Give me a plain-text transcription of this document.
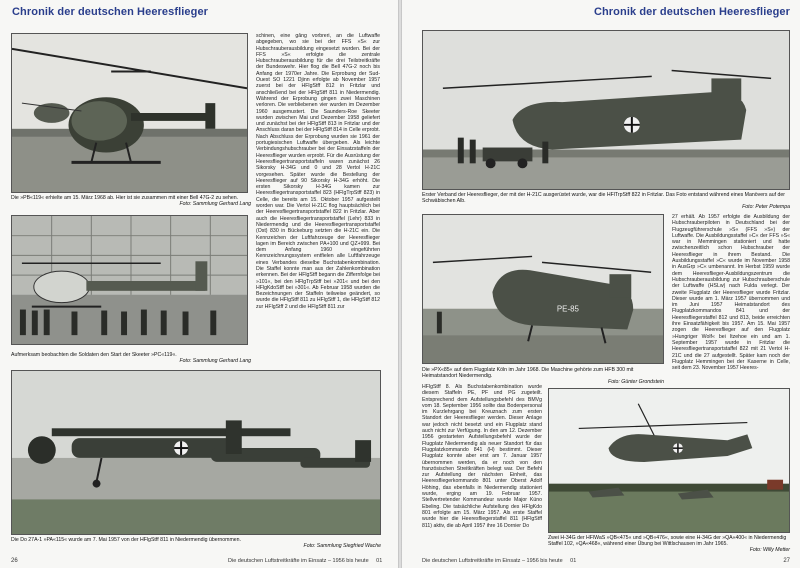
Chronik der deutschen Heeresflieger
Die »PB«119« erhielte am 15. März 1968 ab. Hier ist sie zusammen mit einer Bell 47G-2 zu sehen.
Foto: Sammlung Gerhard Lang
Aufmerksam beobachten die Soldaten den Start der Skeeter »PC«119«.
Foto: Sammlung Gerhard Lang
schinen, eine gång vorbreri, an die Luftwaffe abgegeben, wo sie bei der FFS »S« zur Hubschrauberausbildung eingesetzt wurden. Bei der FFS »S« erfolgte die zentrale Hubschrauberausbildung für die drei Teilstreitkräfte der Bundeswehr. Hier flog die Bell 47G-2 noch bis Anfang der 1970er Jahre. Die Erprobung der Sud-Ouest SO 1221 Djinn erfolgte ab November 1957 zuerst bei der HFlgStff 812 in Fritzlar und anschließend bei der HFlgStff 811 in Niedermendig. Während der Erprobung gingen zwei Maschinen verloren. Die verbliebenen vier wurden im Dezember 1960 ausgemustert. Die Saunders-Roe Skeeter wurden zwischen Mai und Dezember 1958 geliefert und zunächst bei der HFlgStff 813 in Fritzlar und der Anschluss daran bei der HFlgStff 814 in Celle erprobt. Nach Abschluss der Erprobung wurden sie 1961 der portugiesischen Luftwaffe übergeben. Als leichte Verbindungshubschrauber bei der Einsatzstaffeln der Heeresflieger wurden erprobt. Für die Ausrüstung der Heeresfliegertransportstaffeln waren zunächst 26 Sikorsky H-34G und 0 und 28 Vertol H-21C vorgesehen. Später wurde die Bestellung der Heeresflieger auf 90 Sikorsky H-34G erhöht. Die ersten Sikorsky H-34G kamen zur Heeresfliegertransportstaffel 823 (HFlgTrpStff 823) in Celle, die bereits am 15. Oktober 1957 aufgestellt worden war. Die Vertol H-21C flog hauptsächlich bei der Heeresfliegertransportstaffel 822 in Fritzlar. Aber auch die Heeresfliegertransportstaffel (Lehr) 833 in Niedermendig und die Heeresfliegertransportstaffel (Ost) 830 in Bückeburg setzten die H-21C ein. Die Kennzeichen der Luftfahrzeuge der Heeresflieger lagen im Bereich zwischen PA+100 und QZ+999. Bei dem Anfang 1960 eingeführten Kennzeichnungssystem entfielen alle Luftfahrzeuge eines Verbandes dieselbe Buchstabenkombination. Die Staffel konnte man aus der Zahlenkombination erkennen. Bei der HFlgStff begann die Ziffernfolge bei »101«, bei den HFlgTrpStff bei »201« und bei den HFlgKdoStff bei »301«. Ab Februar 1958 wurden die Bezeichnungen der Staffeln teilweise geändert, so wurde die HFlgStff 811 zu HFlgStff 1, die HFlgStff 812 zur HFlgStff 2 und die HFlgStff 811 zur
Die Do 27A-1 »PA«115« wurde am 7. Mai 1957 von der HFlgStff 811 in Niedermendig übernommen.
Foto: Sammlung Siegfried Wache
26	Die deutschen Luftstreitkräfte im Einsatz – 1956 bis heute 01
Chronik der deutschen Heeresflieger
Erster Verband der Heeresflieger, der mit der H-21C ausgerüstet wurde, war die HFlTrpStff 822 in Fritzlar. Das Foto entstand während eines Manövers auf der Schwäbischen Alb.
Foto: Peter Potempa
PE-85
Die »PX«85« auf dem Flugplatz Köln im Jahr 1968. Die Maschine gehörte zum HFB 300 mit Heimatstandort Niedermendig.
Foto: Günter Grondstein
27 erhält. Ab 1957 erfolgte die Ausbildung der Hubschrauberpiloten in Deutschland bei der Flugzeugführerschule »S« (FFS »S«) der Luftwaffe. Die Ausbildungsstaffel »C« der FFS »S« war in Memmingen stationiert und hatte zwischenzeitlich schon Hubschrauber der Heeresflieger in ihrem Bestand. Die Ausbildungsstaffel »C« wurde im November 1958 in AusGrp »C« umbenannt. Im Herbst 1959 wurde dem Heeresflieger-Ausbildungszentrum die Hubschrauberausbildung zur Hubschrauberschule der Luftwaffe (HSLw) nach Fulda verlegt. Der zweite Flugplatz der Heeresflieger wurde Fritzlar. Dieser wurde am 1. März 1957 übernommen und im Juni 1957 Heimatstandort des Flugplatzkommandos 841 und der Heeresfliegerstaffel 812 und 813, beide erreichten ihre Einsatzfähigkeit bis 1957. Am 15. Mai 1957 zogen die Heeresflieger auf den Flugplatz »Hungriger Wolf« bei Itzehoe ein und am 1. September 1957 wurde in Fritzlar die Heeresfliegertransportstaffel 822 mit 21 Vertol H-21C und die 27 aufgestellt. Später kam noch der Flugplatz Hemmingen bei der Kaserne in Celle, seit dem 23. November 1957 Heeres-
HFlgStff 8. Als Buchstabenkombination wurde diesem Staffeln PE, PF und PG zugeteilt. Entsprechend dem Aufstellungsbefehl des BMVg vom 18. September 1956 sollte das Bodenpersonal im Kurzlehrgang bei Kreuznach zum ersten Standort der Heeresflieger werden. Dieser Anlage war jedoch nicht besetzt und ein Flugplatz stand auch nicht zur Verfügung. In den am 12. Dezember 1956 gestarteten Aufstellungsbefehl wurde der Flugplatz Niedermendig als neuer Standort für das Flugplatzkommando 841 (H) bestimmt. Dieser Flugplatz konnte aber erst am 7. Januar 1957 übernommen werden, da er noch von den französischen Streitkräften belegt war. Der Befehl zur Aufstellung der nächsten Einheit, das Heeresfliegerkommando 801 unter Oberst Adolf Höhing, das ebenfalls in Niedermendig stationiert wurde, erging am 19. Februar 1957. Stellvertretender Kommandeur wurde Major Küno Ebeling. Die tatsächliche Aufstellung des HFlgKdo 801 erfolgte am 15. März 1957. Als erste Staffel wurde hier die Heeresfliegerstaffel 811 (HFlgStff 811) aktiv, die ab April 1957 ihre 16 Dornier Do
Zwei H-34G der HFlWaS »QB«475« und »QB«476«, sowie eine H-34G der »QA«400« in Niedermendig Staffel 102, »QA«468«, während einer Übung bei Wittlschausen im Jahr 1965.
Foto: Willy Metter
Die deutschen Luftstreitkräfte im Einsatz – 1956 bis heute 01	27
